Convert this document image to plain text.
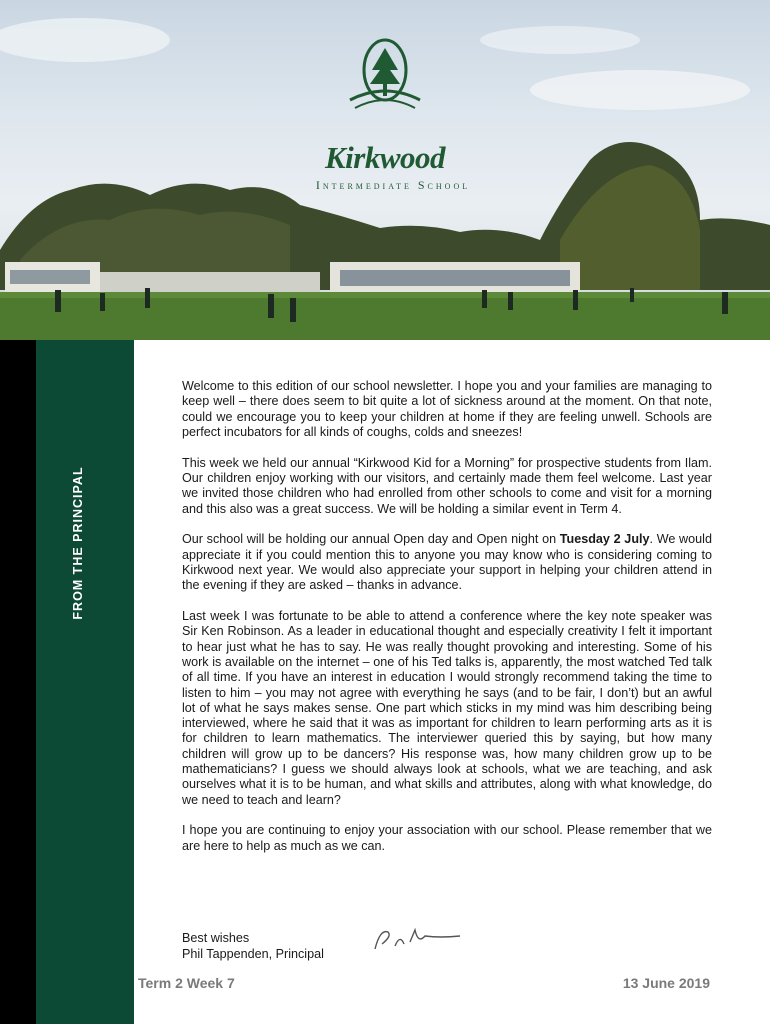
Kirkwood
Intermediate School
FROM THE PRINCIPAL

Welcome to this edition of our school newsletter. I hope you and your families are managing to keep well – there does seem to bit quite a lot of sickness around at the moment. On that note, could we encourage you to keep your children at home if they are feeling unwell. Schools are perfect incubators for all kinds of coughs, colds and sneezes!

This week we held our annual “Kirkwood Kid for a Morning” for prospective students from Ilam. Our children enjoy working with our visitors, and certainly made them feel welcome. Last year we invited those children who had enrolled from other schools to come and visit for a morning and this also was a great success. We will be holding a similar event in Term 4.

Our school will be holding our annual Open day and Open night on Tuesday 2 July. We would appreciate it if you could mention this to anyone you may know who is considering coming to Kirkwood next year. We would also appreciate your support in helping your children attend in the evening if they are asked – thanks in advance.

Last week I was fortunate to be able to attend a conference where the key note speaker was Sir Ken Robinson. As a leader in educational thought and especially creativity I felt it important to hear just what he has to say. He was really thought provoking and interesting. Some of his work is available on the internet – one of his Ted talks is, apparently, the most watched Ted talk of all time. If you have an interest in education I would strongly recommend taking the time to listen to him – you may not agree with everything he says (and to be fair, I don’t) but an awful lot of what he says makes sense. One part which sticks in my mind was him describing being interviewed, where he said that it was as important for children to learn performing arts as it is for children to learn mathematics. The interviewer queried this by saying, but how many children will grow up to be dancers? His response was, how many children grow up to be mathematicians? I guess we should always look at schools, what we are teaching, and ask ourselves what it is to be human, and what skills and attributes, along with what knowledge, do we need to teach and learn?

I hope you are continuing to enjoy your association with our school. Please remember that we are here to help as much as we can.

Best wishes
Phil Tappenden, Principal
Term 2 Week 7	13 June 2019
